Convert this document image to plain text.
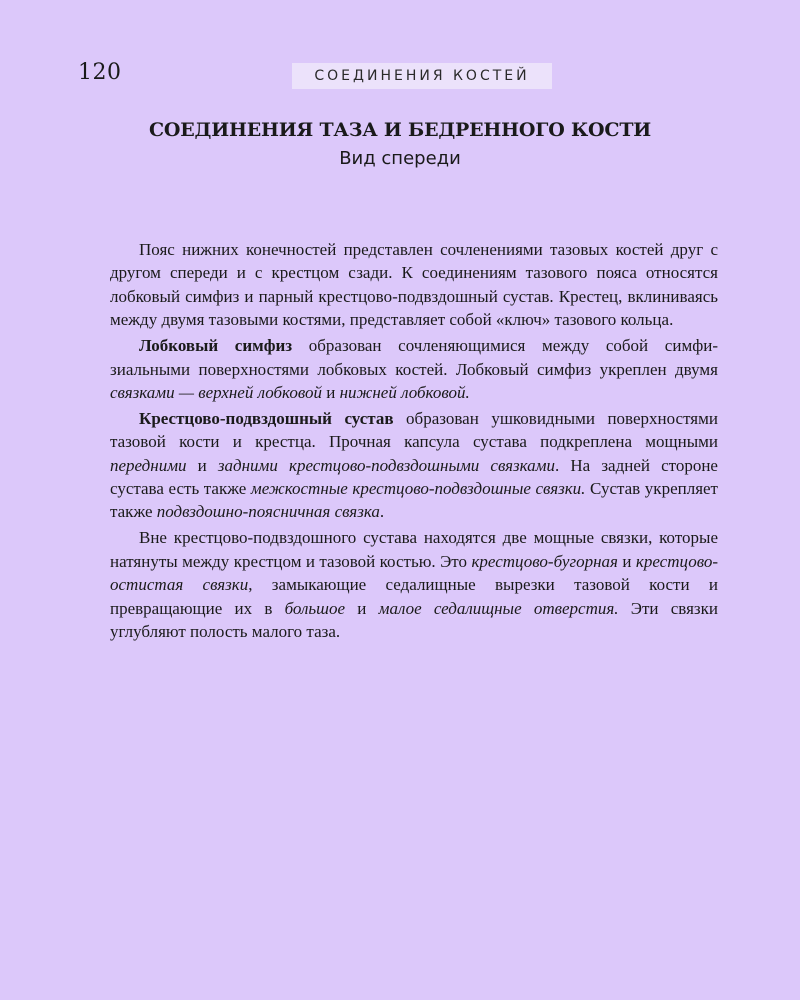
120	СОЕДИНЕНИЯ КОСТЕЙ
СОЕДИНЕНИЯ ТАЗА И БЕДРЕННОГО КОСТИ
Вид спереди

Пояс нижних конечностей представлен сочленениями тазовых костей друг с другом спереди и с крестцом сзади. К соединениям тазового пояса относятся лобковый симфиз и парный крестцово-подвздошный сустав. Крестец, вклиниваясь между двумя тазовыми костями, представляет собой «ключ» тазового кольца.

Лобковый симфиз образован сочленяющимися между собой симфизиальными поверхностями лобковых костей. Лобковый симфиз укреплен двумя связками — верхней лобковой и нижней лобковой.

Крестцово-подвздошный сустав образован ушковидными поверхностями тазовой кости и крестца. Прочная капсула сустава подкреплена мощными передними и задними крестцово-подвздошными связками. На задней стороне сустава есть также межкостные крестцово-подвздошные связки. Сустав укрепляет также подвздошно-поясничная связка.

Вне крестцово-подвздошного сустава находятся две мощные связки, которые натянуты между крестцом и тазовой костью. Это крестцово-бугорная и крестцово-остистая связки, замыкающие седалищные вырезки тазовой кости и превращающие их в большое и малое седалищные отверстия. Эти связки углубляют полость малого таза.
